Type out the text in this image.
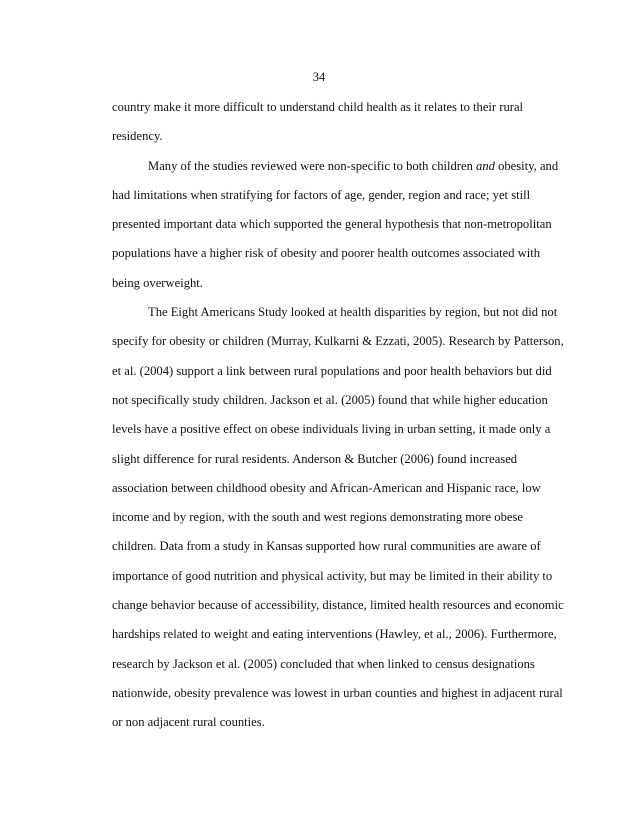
34

country make it more difficult to understand child health as it relates to their rural
residency.
Many of the studies reviewed were non-specific to both children and obesity, and
had limitations when stratifying for factors of age, gender, region and race; yet still
presented important data which supported the general hypothesis that non-metropolitan
populations have a higher risk of obesity and poorer health outcomes associated with
being overweight.
The Eight Americans Study looked at health disparities by region, but not did not
specify for obesity or children (Murray, Kulkarni & Ezzati, 2005). Research by Patterson,
et al. (2004) support a link between rural populations and poor health behaviors but did
not specifically study children. Jackson et al. (2005) found that while higher education
levels have a positive effect on obese individuals living in urban setting, it made only a
slight difference for rural residents. Anderson & Butcher (2006) found increased
association between childhood obesity and African-American and Hispanic race, low
income and by region, with the south and west regions demonstrating more obese
children. Data from a study in Kansas supported how rural communities are aware of
importance of good nutrition and physical activity, but may be limited in their ability to
change behavior because of accessibility, distance, limited health resources and economic
hardships related to weight and eating interventions (Hawley, et al., 2006). Furthermore,
research by Jackson et al. (2005) concluded that when linked to census designations
nationwide, obesity prevalence was lowest in urban counties and highest in adjacent rural
or non adjacent rural counties.
